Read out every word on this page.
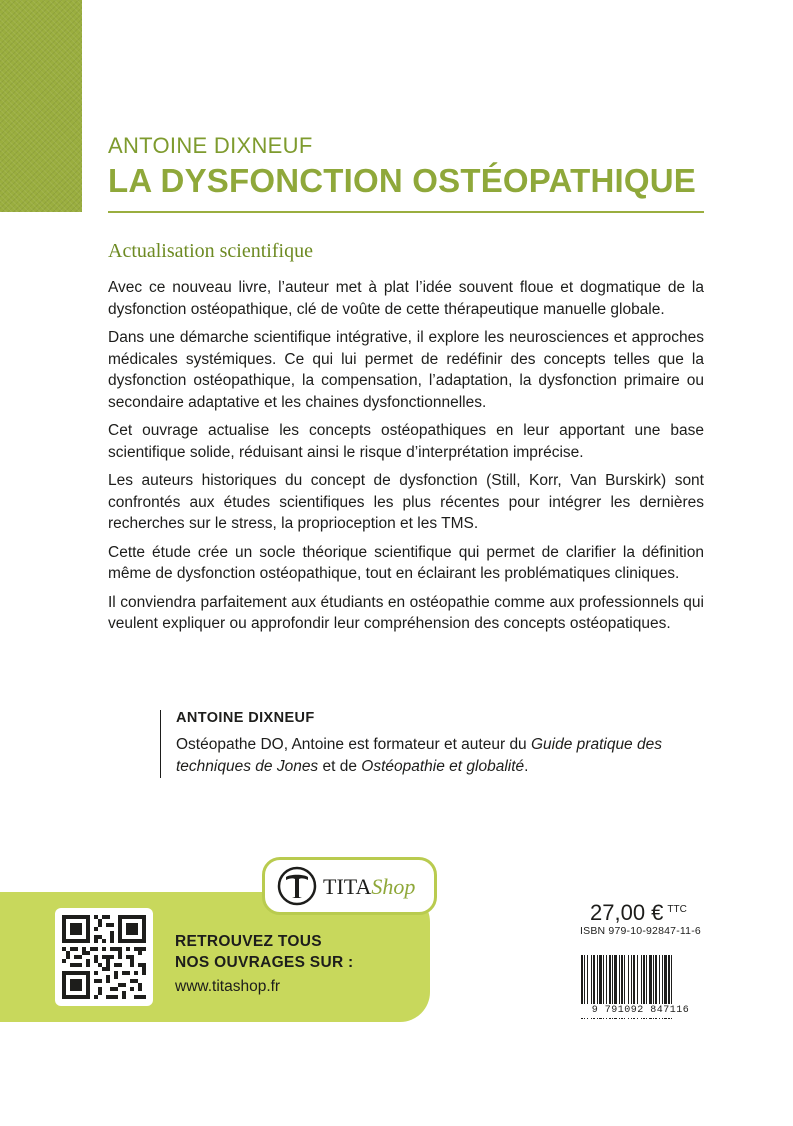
ANTOINE DIXNEUF
LA DYSFONCTION OSTÉOPATHIQUE
Actualisation scientifique

Avec ce nouveau livre, l’auteur met à plat l’idée souvent floue et dogmatique de la dysfonction ostéopathique, clé de voûte de cette thérapeutique manuelle globale.

Dans une démarche scientifique intégrative, il explore les neurosciences et approches médicales systémiques. Ce qui lui permet de redéfinir des concepts telles que la dysfonction ostéopathique, la compensation, l’adaptation, la dysfonction primaire ou secondaire adaptative et les chaines dysfonctionnelles.

Cet ouvrage actualise les concepts ostéopathiques en leur apportant une base scientifique solide, réduisant ainsi le risque d’interprétation imprécise.

Les auteurs historiques du concept de dysfonction (Still, Korr, Van Burskirk) sont confrontés aux études scientifiques les plus récentes pour intégrer les dernières recherches sur le stress, la proprioception et les TMS.

Cette étude crée un socle théorique scientifique qui permet de clarifier la définition même de dysfonction ostéopathique, tout en éclairant les problématiques cliniques.

Il conviendra parfaitement aux étudiants en ostéopathie comme aux professionnels qui veulent expliquer ou approfondir leur compréhension des concepts ostéopatiques.

ANTOINE DIXNEUF

Ostéopathe DO, Antoine est formateur et auteur du Guide pratique des techniques de Jones et de Ostéopathie et globalité.

RETROUVEZ TOUS
NOS OUVRAGES SUR :
www.titashop.fr
TITAShop
27,00 € $^{TTC}$
ISBN 979-10-92847-11-6
9 791092 847116
